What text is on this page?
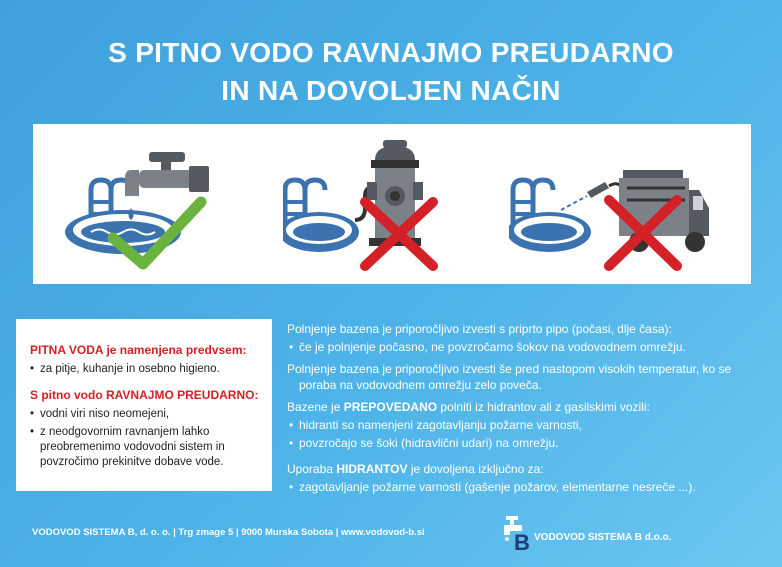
S PITNO VODO RAVNAJMO PREUDARNO
IN NA DOVOLJEN NAČIN

PITNA VODA je namenjena predvsem:

• za pitje, kuhanje in osebno higieno.

S pitno vodo RAVNAJMO PREUDARNO:

• vodni viri niso neomejeni,

• z neodgovornim ravnanjem lahko preobremenimo vodovodni sistem in povzročimo prekinitve dobave vode.

Polnjenje bazena je priporočljivo izvesti s priprto pipo (počasi, dlje časa):

• če je polnjenje počasno, ne povzročamo šokov na vodovodnem omrežju.

Polnjenje bazena je priporočljivo izvesti še pred nastopom visokih temperatur, ko se poraba na vodovodnem omrežju zelo poveča.

Bazene je PREPOVEDANO polniti iz hidrantov ali z gasilskimi vozili:

• hidranti so namenjeni zagotavljanju požarne varnosti,

• povzročajo se šoki (hidravlični udari) na omrežju.

Uporaba HIDRANTOV je dovoljena izključno za:

• zagotavljanje požarne varnosti (gašenje požarov, elementarne nesreče ...).

VODOVOD SISTEMA B, d. o. o. | Trg zmage 5 | 9000 Murska Sobota | www.vodovod-b.si	B VODOVOD SISTEMA B d.o.o.
